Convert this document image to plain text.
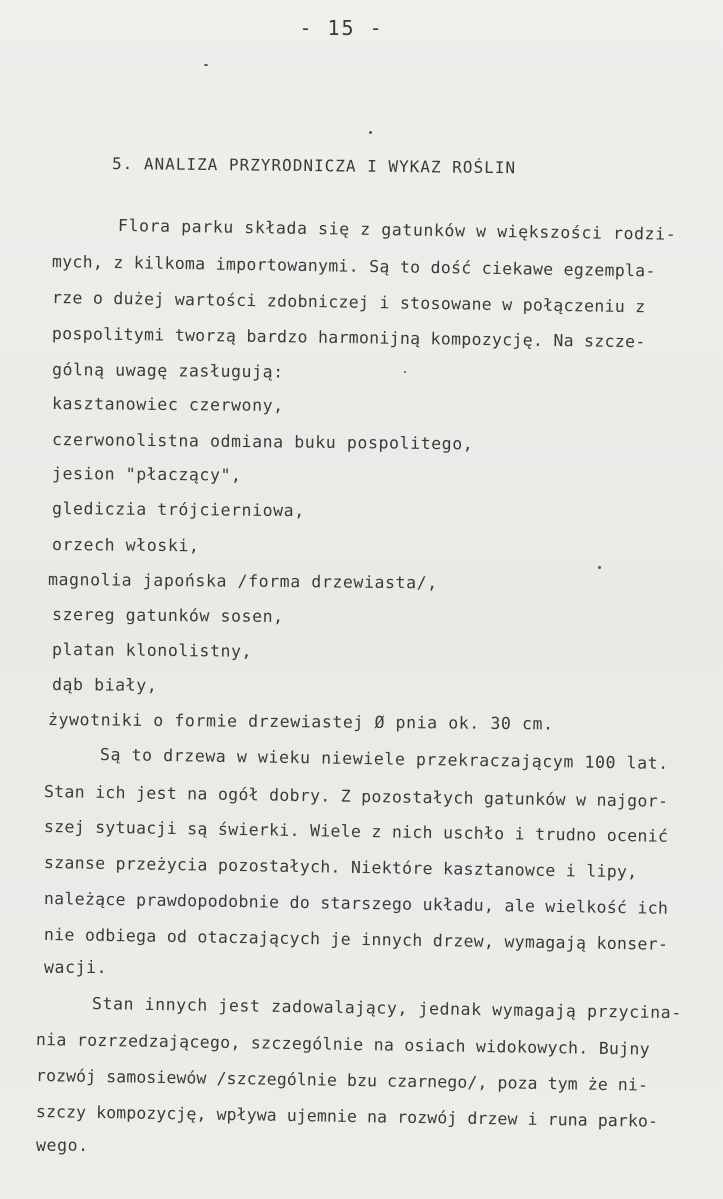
- 15 -
5. ANALIZA PRZYRODNICZA I WYKAZ ROŚLIN
Flora parku składa się z gatunków w większości rodzi-
mych, z kilkoma importowanymi. Są to dość ciekawe egzempla-
rze o dużej wartości zdobniczej i stosowane w połączeniu z
pospolitymi tworzą bardzo harmonijną kompozycję. Na szcze-
gólną uwagę zasługują:
kasztanowiec czerwony,
czerwonolistna odmiana buku pospolitego,
jesion "płaczący",
glediczia trójcierniowa,
orzech włoski,
magnolia japońska /forma drzewiasta/,
szereg gatunków sosen,
platan klonolistny,
dąb biały,
żywotniki o formie drzewiastej Ø pnia ok. 30 cm.
Są to drzewa w wieku niewiele przekraczającym 100 lat.
Stan ich jest na ogół dobry. Z pozostałych gatunków w najgor-
szej sytuacji są świerki. Wiele z nich uschło i trudno ocenić
szanse przeżycia pozostałych. Niektóre kasztanowce i lipy,
należące prawdopodobnie do starszego układu, ale wielkość ich
nie odbiega od otaczających je innych drzew, wymagają konser-
wacji.
Stan innych jest zadowalający, jednak wymagają przycina-
nia rozrzedzającego, szczególnie na osiach widokowych. Bujny
rozwój samosiewów /szczególnie bzu czarnego/, poza tym że ni-
szczy kompozycję, wpływa ujemnie na rozwój drzew i runa parko-
wego.
